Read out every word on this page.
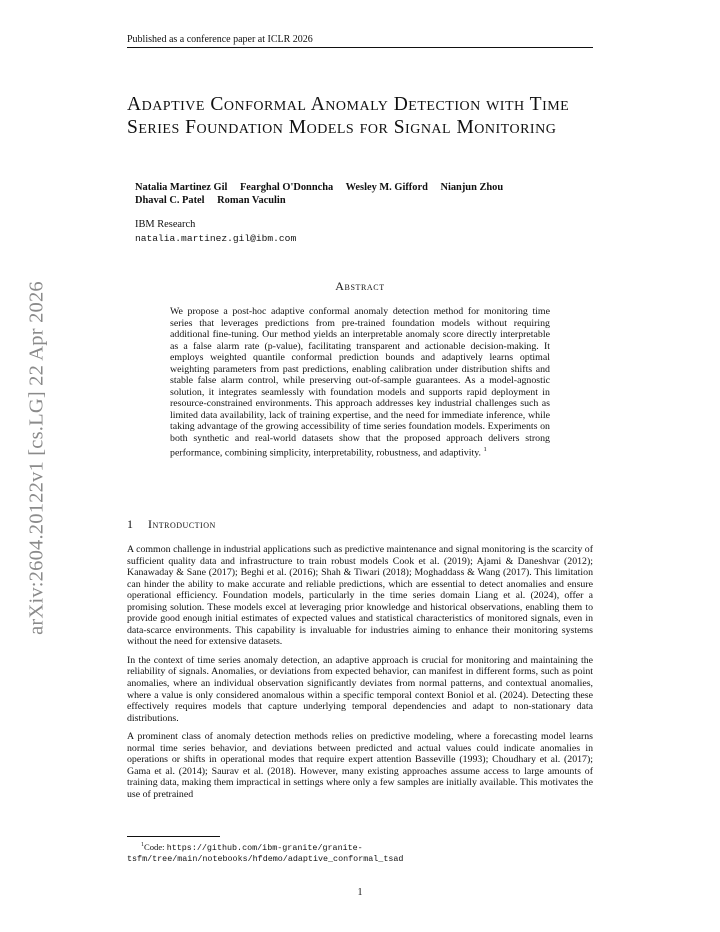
Published as a conference paper at ICLR 2026
arXiv:2604.20122v1 [cs.LG] 22 Apr 2026
Adaptive Conformal Anomaly Detection with Time Series Foundation Models for Signal Monitoring
Natalia Martinez Gil Fearghal O'Donncha Wesley M. Gifford Nianjun Zhou
Dhaval C. Patel Roman Vaculin
IBM Research
natalia.martinez.gil@ibm.com
Abstract
We propose a post-hoc adaptive conformal anomaly detection method for monitoring time series that leverages predictions from pre-trained foundation models without requiring additional fine-tuning. Our method yields an interpretable anomaly score directly interpretable as a false alarm rate (p-value), facilitating transparent and actionable decision-making. It employs weighted quantile conformal prediction bounds and adaptively learns optimal weighting parameters from past predictions, enabling calibration under distribution shifts and stable false alarm control, while preserving out-of-sample guarantees. As a model-agnostic solution, it integrates seamlessly with foundation models and supports rapid deployment in resource-constrained environments. This approach addresses key industrial challenges such as limited data availability, lack of training expertise, and the need for immediate inference, while taking advantage of the growing accessibility of time series foundation models. Experiments on both synthetic and real-world datasets show that the proposed approach delivers strong performance, combining simplicity, interpretability, robustness, and adaptivity. $^1$
1 Introduction

A common challenge in industrial applications such as predictive maintenance and signal monitoring is the scarcity of sufficient quality data and infrastructure to train robust models Cook et al. (2019); Ajami & Daneshvar (2012); Kanawaday & Sane (2017); Beghi et al. (2016); Shah & Tiwari (2018); Moghaddass & Wang (2017). This limitation can hinder the ability to make accurate and reliable predictions, which are essential to detect anomalies and ensure operational efficiency. Foundation models, particularly in the time series domain Liang et al. (2024), offer a promising solution. These models excel at leveraging prior knowledge and historical observations, enabling them to provide good enough initial estimates of expected values and statistical characteristics of monitored signals, even in data-scarce environments. This capability is invaluable for industries aiming to enhance their monitoring systems without the need for extensive datasets.

In the context of time series anomaly detection, an adaptive approach is crucial for monitoring and maintaining the reliability of signals. Anomalies, or deviations from expected behavior, can manifest in different forms, such as point anomalies, where an individual observation significantly deviates from normal patterns, and contextual anomalies, where a value is only considered anomalous within a specific temporal context Boniol et al. (2024). Detecting these effectively requires models that capture underlying temporal dependencies and adapt to non-stationary data distributions.

A prominent class of anomaly detection methods relies on predictive modeling, where a forecasting model learns normal time series behavior, and deviations between predicted and actual values could indicate anomalies in operations or shifts in operational modes that require expert attention Basseville (1993); Choudhary et al. (2017); Gama et al. (2014); Saurav et al. (2018). However, many existing approaches assume access to large amounts of training data, making them impractical in settings where only a few samples are initially available. This motivates the use of pretrained

$^1$Code: https://github.com/ibm-granite/granite-tsfm/tree/main/notebooks/hfdemo/adaptive_conformal_tsad
1
